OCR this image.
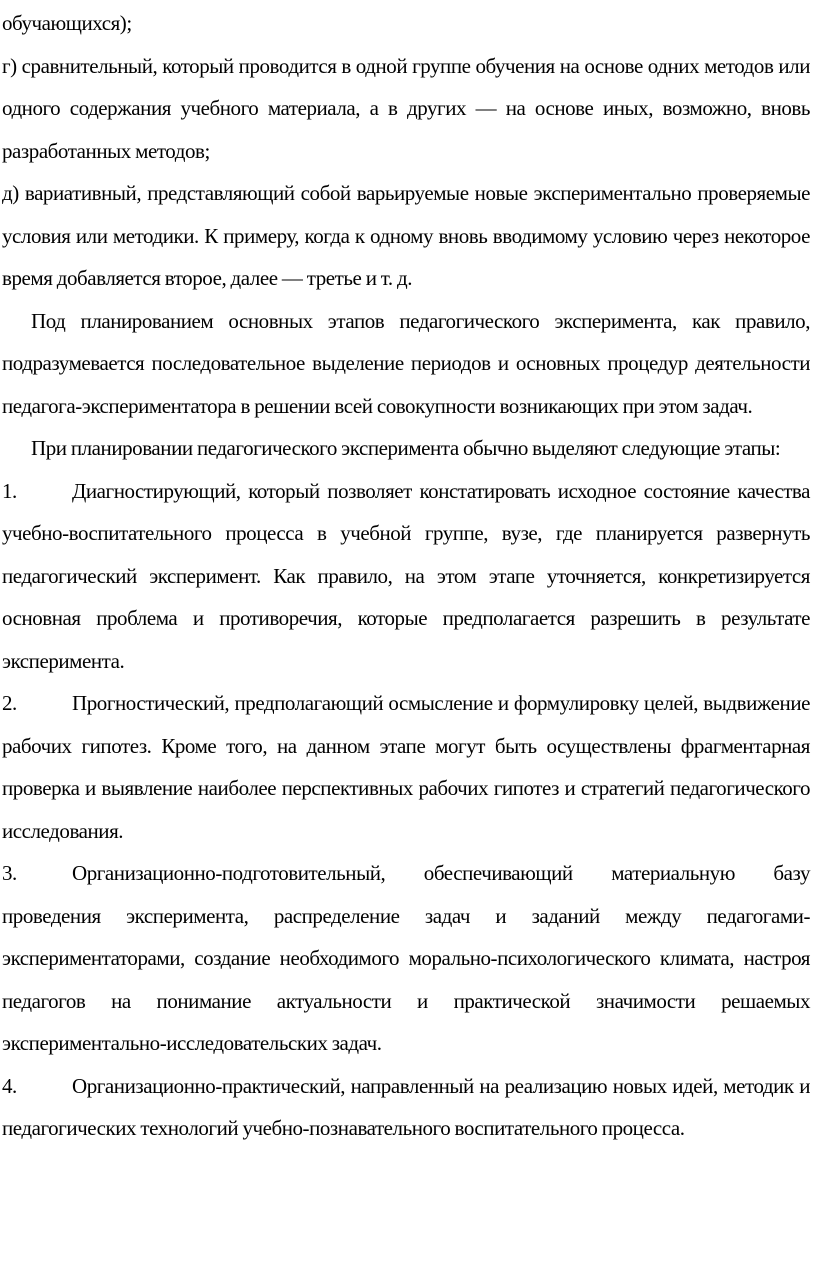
обучающихся);

г) сравнительный, который проводится в одной группе обучения на основе одних методов или одного содержания учебного материала, а в других — на основе иных, возможно, вновь разработанных методов;

д) вариативный, представляющий собой варьируемые новые экспериментально проверяемые условия или методики. К примеру, когда к одному вновь вводимому условию через некоторое время добавляется второе, далее — третье и т. д.

Под планированием основных этапов педагогического эксперимента, как правило, подразумевается последовательное выделение периодов и основных процедур деятельности педагога-экспериментатора в решении всей совокупности возникающих при этом задач.

При планировании педагогического эксперимента обычно выделяют следующие этапы:

1.	Диагностирующий, который позволяет констатировать исходное состояние качества учебно-воспитательного процесса в учебной группе, вузе, где планируется развернуть педагогический эксперимент. Как правило, на этом этапе уточняется, конкретизируется основная проблема и противоречия, которые предполагается разрешить в результате эксперимента.

2.	Прогностический, предполагающий осмысление и формулировку целей, выдвижение рабочих гипотез. Кроме того, на данном этапе могут быть осуществлены фрагментарная проверка и выявление наиболее перспективных рабочих гипотез и стратегий педагогического исследования.

3.	Организационно-подготовительный, обеспечивающий материальную базу проведения эксперимента, распределение задач и заданий между педагогами-экспериментаторами, создание необходимого морально-психологического климата, настроя педагогов на понимание актуальности и практической значимости решаемых экспериментально-исследовательских задач.

4.	Организационно-практический, направленный на реализацию новых идей, методик и педагогических технологий учебно-познавательного воспитательного процесса.
